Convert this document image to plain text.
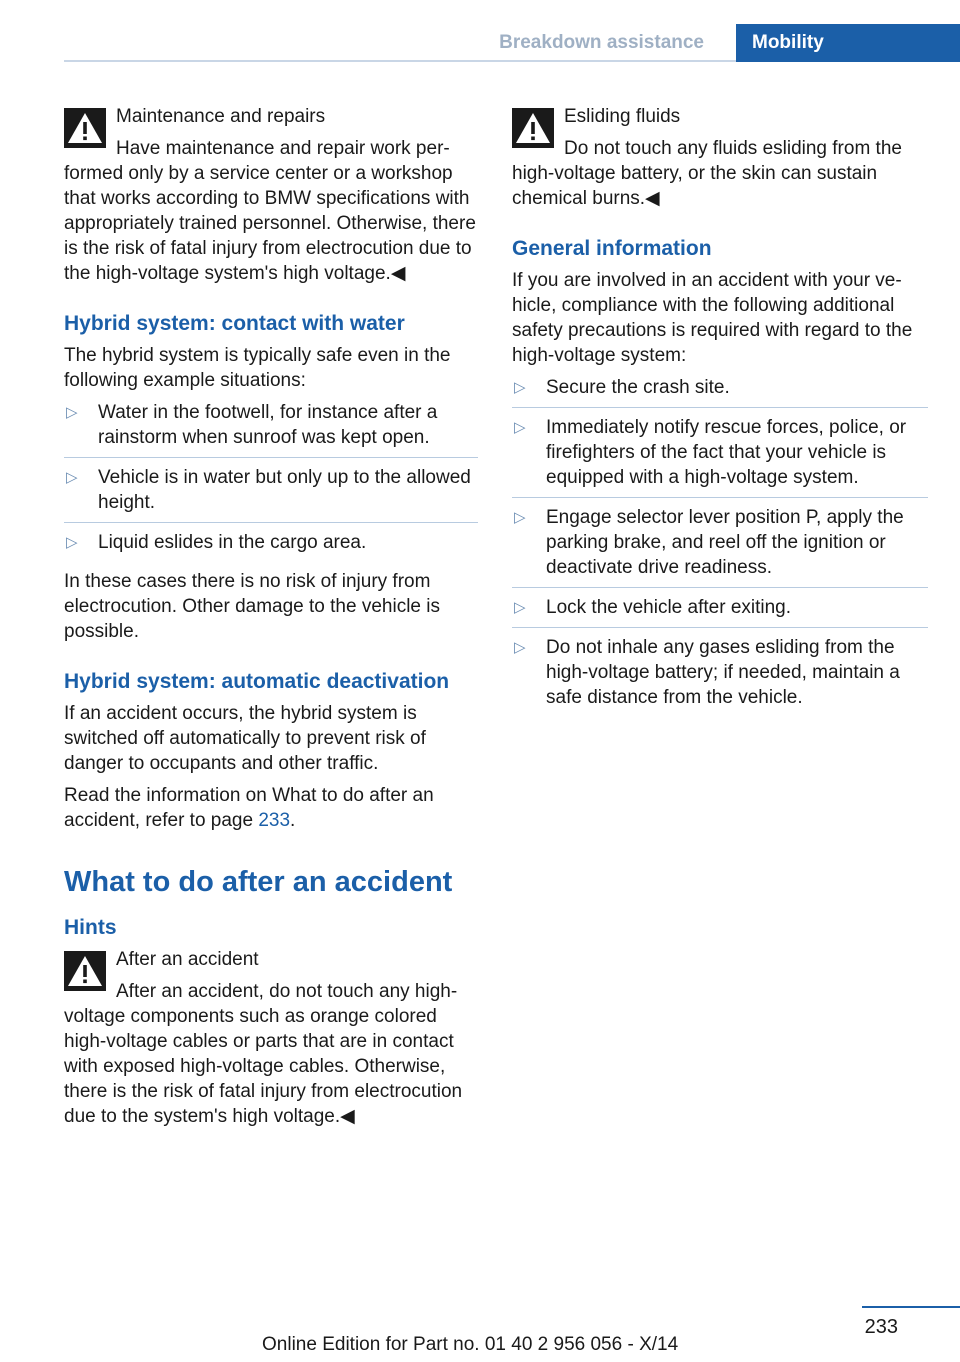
Breakdown assistance	Mobility
Maintenance and repairs

Have maintenance and repair work performed only by a service center or a workshop that works according to BMW specifications with appropriately trained personnel. Otherwise, there is the risk of fatal injury from electrocution due to the high-voltage system's high voltage.◀

Hybrid system: contact with water

The hybrid system is typically safe even in the following example situations:

▷ Water in the footwell, for instance after a rainstorm when sunroof was kept open.
▷ Vehicle is in water but only up to the allowed height.
▷ Liquid eslides in the cargo area.

In these cases there is no risk of injury from electrocution. Other damage to the vehicle is possible.

Hybrid system: automatic deactivation

If an accident occurs, the hybrid system is switched off automatically to prevent risk of danger to occupants and other traffic.

Read the information on What to do after an accident, refer to page 233.

What to do after an accident
Hints
After an accident

After an accident, do not touch any high-voltage components such as orange colored high-voltage cables or parts that are in contact with exposed high-voltage cables. Otherwise, there is the risk of fatal injury from electrocution due to the system's high voltage.◀

Esliding fluids

Do not touch any fluids esliding from the high-voltage battery, or the skin can sustain chemical burns.◀

General information

If you are involved in an accident with your vehicle, compliance with the following additional safety precautions is required with regard to the high-voltage system:

▷ Secure the crash site.
▷ Immediately notify rescue forces, police, or firefighters of the fact that your vehicle is equipped with a high-voltage system.
▷ Engage selector lever position P, apply the parking brake, and reel off the ignition or deactivate drive readiness.
▷ Lock the vehicle after exiting.
▷ Do not inhale any gases esliding from the high-voltage battery; if needed, maintain a safe distance from the vehicle.
233
Online Edition for Part no. 01 40 2 956 056 - X/14
